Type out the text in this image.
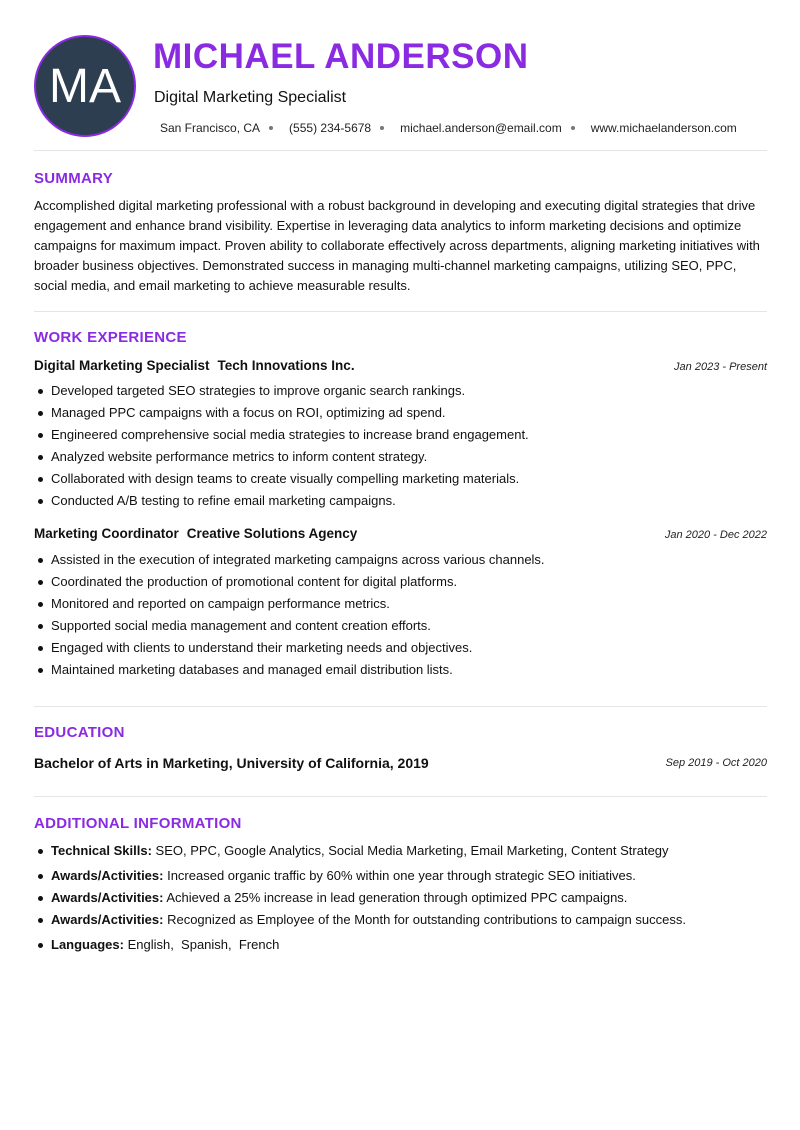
MA
MICHAEL ANDERSON
Digital Marketing Specialist
San Francisco, CA (555) 234-5678 michael.anderson@email.com www.michaelanderson.com
SUMMARY

Accomplished digital marketing professional with a robust background in developing and executing digital strategies that drive engagement and enhance brand visibility. Expertise in leveraging data analytics to inform marketing decisions and optimize campaigns for maximum impact. Proven ability to collaborate effectively across departments, aligning marketing initiatives with broader business objectives. Demonstrated success in managing multi-channel marketing campaigns, utilizing SEO, PPC, social media, and email marketing to achieve measurable results.

WORK EXPERIENCE
Digital Marketing Specialist Tech Innovations Inc.	Jan 2023 - Present
Developed targeted SEO strategies to improve organic search rankings.
Managed PPC campaigns with a focus on ROI, optimizing ad spend.
Engineered comprehensive social media strategies to increase brand engagement.
Analyzed website performance metrics to inform content strategy.
Collaborated with design teams to create visually compelling marketing materials.
Conducted A/B testing to refine email marketing campaigns.
Marketing Coordinator Creative Solutions Agency	Jan 2020 - Dec 2022
Assisted in the execution of integrated marketing campaigns across various channels.
Coordinated the production of promotional content for digital platforms.
Monitored and reported on campaign performance metrics.
Supported social media management and content creation efforts.
Engaged with clients to understand their marketing needs and objectives.
Maintained marketing databases and managed email distribution lists.
EDUCATION
Bachelor of Arts in Marketing, University of California, 2019	Sep 2019 - Oct 2020
ADDITIONAL INFORMATION
Technical Skills: SEO, PPC, Google Analytics, Social Media Marketing, Email Marketing, Content Strategy
Awards/Activities: Increased organic traffic by 60% within one year through strategic SEO initiatives.
Awards/Activities: Achieved a 25% increase in lead generation through optimized PPC campaigns.
Awards/Activities: Recognized as Employee of the Month for outstanding contributions to campaign success.
Languages: English,  Spanish,  French
